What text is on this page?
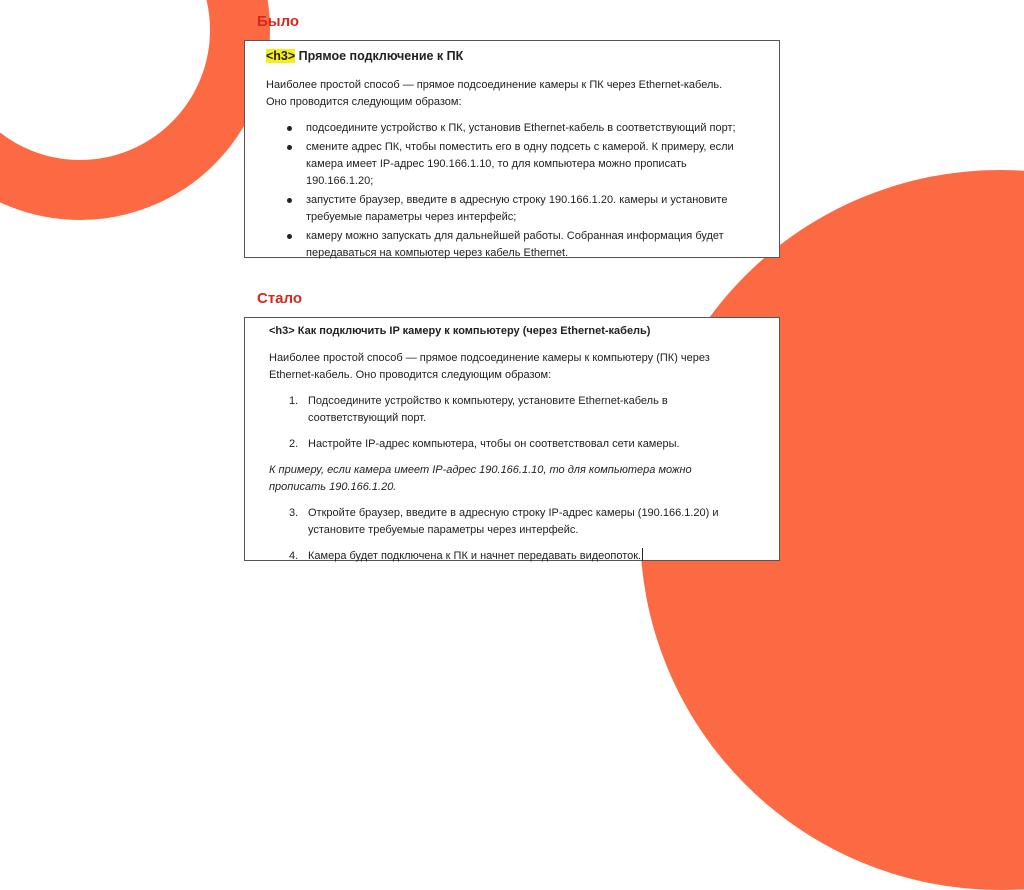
Было
<h3> Прямое подключение к ПК

Наиболее простой способ — прямое подсоединение камеры к ПК через Ethernet-кабель.

Оно проводится следующим образом:

подсоедините устройство к ПК, установив Ethernet-кабель в соответствующий порт;
смените адрес ПК, чтобы поместить его в одну подсеть с камерой. К примеру, если
камера имеет IP-адрес 190.166.1.10, то для компьютера можно прописать
190.166.1.20;
запустите браузер, введите в адресную строку 190.166.1.20. камеры и установите
требуемые параметры через интерфейс;
камеру можно запускать для дальнейшей работы. Собранная информация будет
передаваться на компьютер через кабель Ethernet.
Стало
<h3> Как подключить IP камеру к компьютеру (через Ethernet-кабель)

Наиболее простой способ — прямое подсоединение камеры к компьютеру (ПК) через

Ethernet-кабель. Оно проводится следующим образом:

1. Подсоедините устройство к компьютеру, установите Ethernet-кабель в
соответствующий порт.
2. Настройте IP-адрес компьютера, чтобы он соответствовал сети камеры.

К примеру, если камера имеет IP-адрес 190.166.1.10, то для компьютера можно

прописать 190.166.1.20.

3. Откройте браузер, введите в адресную строку IP-адрес камеры (190.166.1.20) и
установите требуемые параметры через интерфейс.
4. Камера будет подключена к ПК и начнет передавать видеопоток.
